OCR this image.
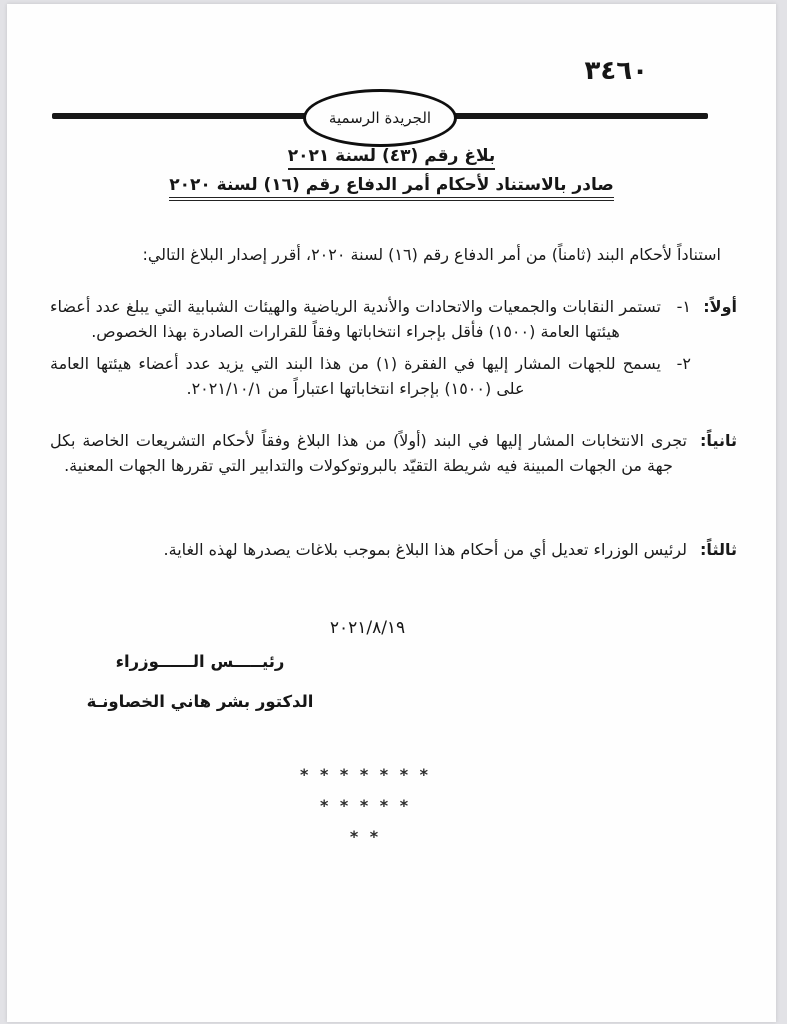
٣٤٦٠
الجريدة الرسمية
بلاغ رقم (٤٣) لسنة ٢٠٢١
صادر بالاستناد لأحكام أمر الدفاع رقم (١٦) لسنة ٢٠٢٠
استناداً لأحكام البند (ثامناً) من أمر الدفاع رقم (١٦) لسنة ٢٠٢٠، أقرر إصدار البلاغ التالي:
أولاً:
١-
تستمر النقابات والجمعيات والاتحادات والأندية الرياضية والهيئات الشبابية التي يبلغ عدد أعضاء هيئتها العامة (١٥٠٠) فأقل بإجراء انتخاباتها وفقاً للقرارات الصادرة بهذا الخصوص.
٢-
يسمح للجهات المشار إليها في الفقرة (١) من هذا البند التي يزيد عدد أعضاء هيئتها العامة على (١٥٠٠) بإجراء انتخاباتها اعتباراً من ٢٠٢١/١٠/١.
ثانياً:
تجرى الانتخابات المشار إليها في البند (أولاً) من هذا البلاغ وفقاً لأحكام التشريعات الخاصة بكل جهة من الجهات المبينة فيه شريطة التقيّد بالبروتوكولات والتدابير التي تقررها الجهات المعنية.
ثالثاً:
لرئيس الوزراء تعديل أي من أحكام هذا البلاغ بموجب بلاغات يصدرها لهذه الغاية.
٢٠٢١/٨/١٩
رئيـــــس الــــــوزراء
الدكتور بشر هاني الخصاونـة
* * * * * * *
* * * * *
* *
